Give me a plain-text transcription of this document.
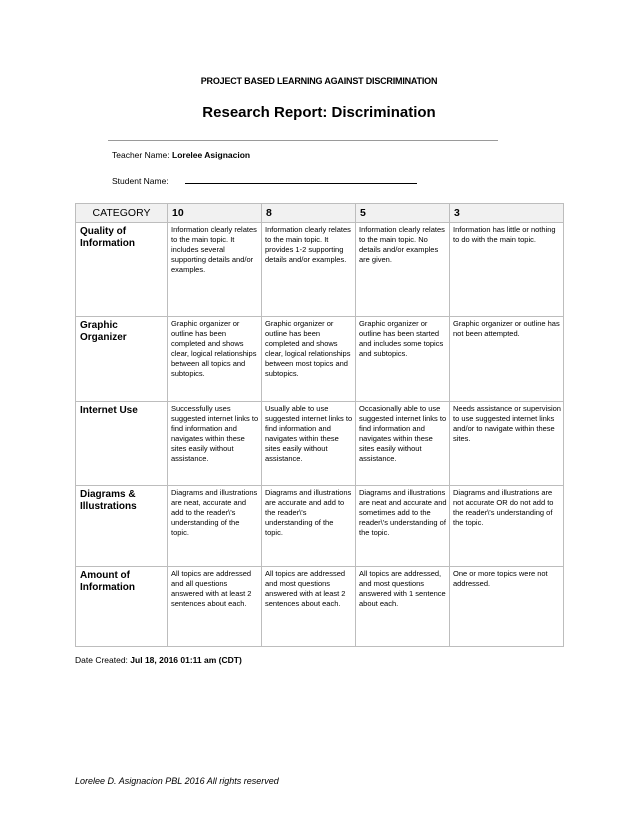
PROJECT BASED LEARNING AGAINST DISCRIMINATION
Research Report: Discrimination
Teacher Name: Lorelee Asignacion
Student Name:
CATEGORY	10	8	5	3
Quality of Information	Information clearly relates to the main topic. It includes several supporting details and/or examples.	Information clearly relates to the main topic. It provides 1-2 supporting details and/or examples.	Information clearly relates to the main topic. No details and/or examples are given.	Information has little or nothing to do with the main topic.
Graphic Organizer	Graphic organizer or outline has been completed and shows clear, logical relationships between all topics and subtopics.	Graphic organizer or outline has been completed and shows clear, logical relationships between most topics and subtopics.	Graphic organizer or outline has been started and includes some topics and subtopics.	Graphic organizer or outline has not been attempted.
Internet Use	Successfully uses suggested internet links to find information and navigates within these sites easily without assistance.	Usually able to use suggested internet links to find information and navigates within these sites easily without assistance.	Occasionally able to use suggested internet links to find information and navigates within these sites easily without assistance.	Needs assistance or supervision to use suggested internet links and/or to navigate within these sites.
Diagrams & Illustrations	Diagrams and illustrations are neat, accurate and add to the reader\'s understanding of the topic.	Diagrams and illustrations are accurate and add to the reader\'s understanding of the topic.	Diagrams and illustrations are neat and accurate and sometimes add to the reader\'s understanding of the topic.	Diagrams and illustrations are not accurate OR do not add to the reader\'s understanding of the topic.
Amount of Information	All topics are addressed and all questions answered with at least 2 sentences about each.	All topics are addressed and most questions answered with at least 2 sentences about each.	All topics are addressed, and most questions answered with 1 sentence about each.	One or more topics were not addressed.
Date Created: Jul 18, 2016 01:11 am (CDT)
Lorelee D. Asignacion PBL 2016 All rights reserved
